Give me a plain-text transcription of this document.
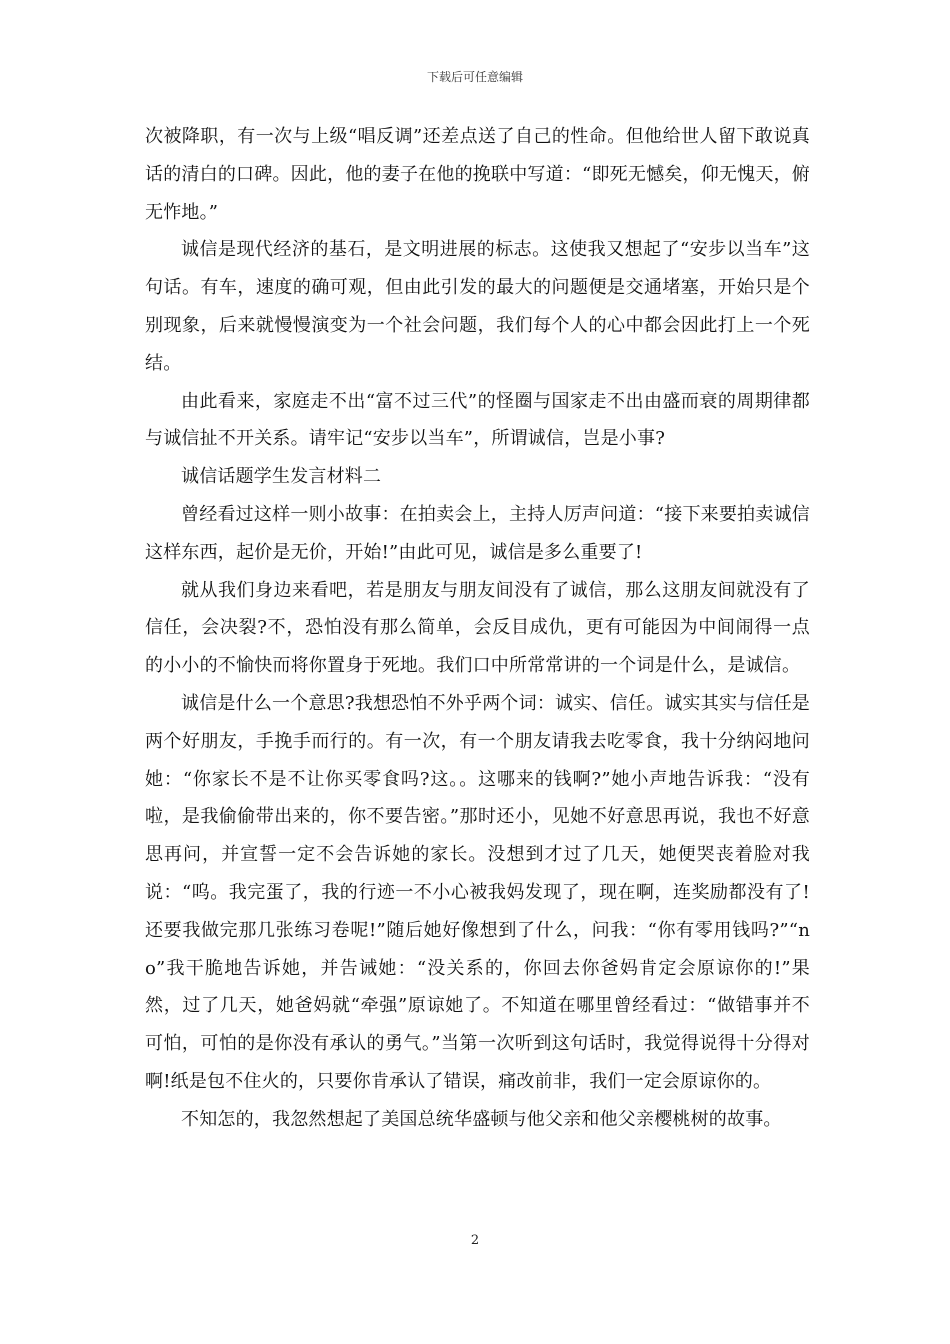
下载后可任意编辑

次被降职，有一次与上级“唱反调”还差点送了自己的性命。但他给世人留下敢说真话的清白的口碑。因此，他的妻子在他的挽联中写道：“即死无憾矣，仰无愧天，俯无怍地。”

诚信是现代经济的基石，是文明进展的标志。这使我又想起了“安步以当车”这句话。有车，速度的确可观，但由此引发的最大的问题便是交通堵塞，开始只是个别现象，后来就慢慢演变为一个社会问题，我们每个人的心中都会因此打上一个死结。

由此看来，家庭走不出“富不过三代”的怪圈与国家走不出由盛而衰的周期律都与诚信扯不开关系。请牢记“安步以当车”，所谓诚信，岂是小事?

诚信话题学生发言材料二

曾经看过这样一则小故事：在拍卖会上，主持人厉声问道：“接下来要拍卖诚信这样东西，起价是无价，开始!”由此可见，诚信是多么重要了!

就从我们身边来看吧，若是朋友与朋友间没有了诚信，那么这朋友间就没有了信任，会决裂?不，恐怕没有那么简单，会反目成仇，更有可能因为中间闹得一点的小小的不愉快而将你置身于死地。我们口中所常常讲的一个词是什么，是诚信。

诚信是什么一个意思?我想恐怕不外乎两个词：诚实、信任。诚实其实与信任是两个好朋友，手挽手而行的。有一次，有一个朋友请我去吃零食，我十分纳闷地问她：“你家长不是不让你买零食吗?这。。这哪来的钱啊?”她小声地告诉我：“没有啦，是我偷偷带出来的，你不要告密。”那时还小，见她不好意思再说，我也不好意思再问，并宣誓一定不会告诉她的家长。没想到才过了几天，她便哭丧着脸对我说：“呜。我完蛋了，我的行迹一不小心被我妈发现了，现在啊，连奖励都没有了!还要我做完那几张练习卷呢!”随后她好像想到了什么，问我：“你有零用钱吗?”“no”我干脆地告诉她，并告诫她：“没关系的，你回去你爸妈肯定会原谅你的!”果然，过了几天，她爸妈就“牵强”原谅她了。不知道在哪里曾经看过：“做错事并不可怕，可怕的是你没有承认的勇气。”当第一次听到这句话时，我觉得说得十分得对啊!纸是包不住火的，只要你肯承认了错误，痛改前非，我们一定会原谅你的。

不知怎的，我忽然想起了美国总统华盛顿与他父亲和他父亲樱桃树的故事。

2
